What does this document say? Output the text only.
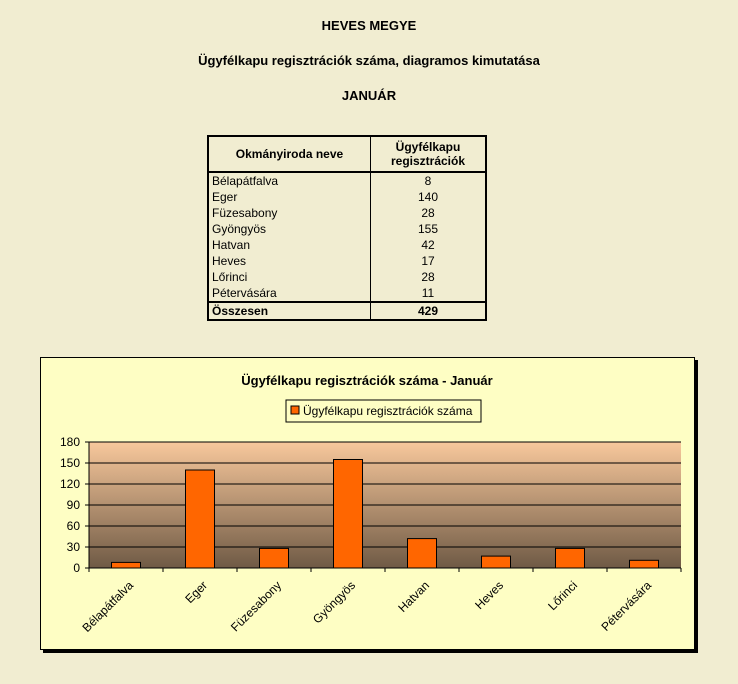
HEVES MEGYE
Ügyfélkapu regisztrációk száma, diagramos kimutatása
JANUÁR
Okmányiroda neve	Ügyfélkapu
regisztrációk
Bélapátfalva	8
Eger	140
Füzesabony	28
Gyöngyös	155
Hatvan	42
Heves	17
Lőrinci	28
Pétervására	11
Összesen	429
Ügyfélkapu regisztrációk száma - Január
Ügyfélkapu regisztrációk száma
0
30
60
90
120
150
180
Bélapátfalva	Eger Füzesabony Gyöngyös	Hatvan	Heves	Lőrinci Pétervására
